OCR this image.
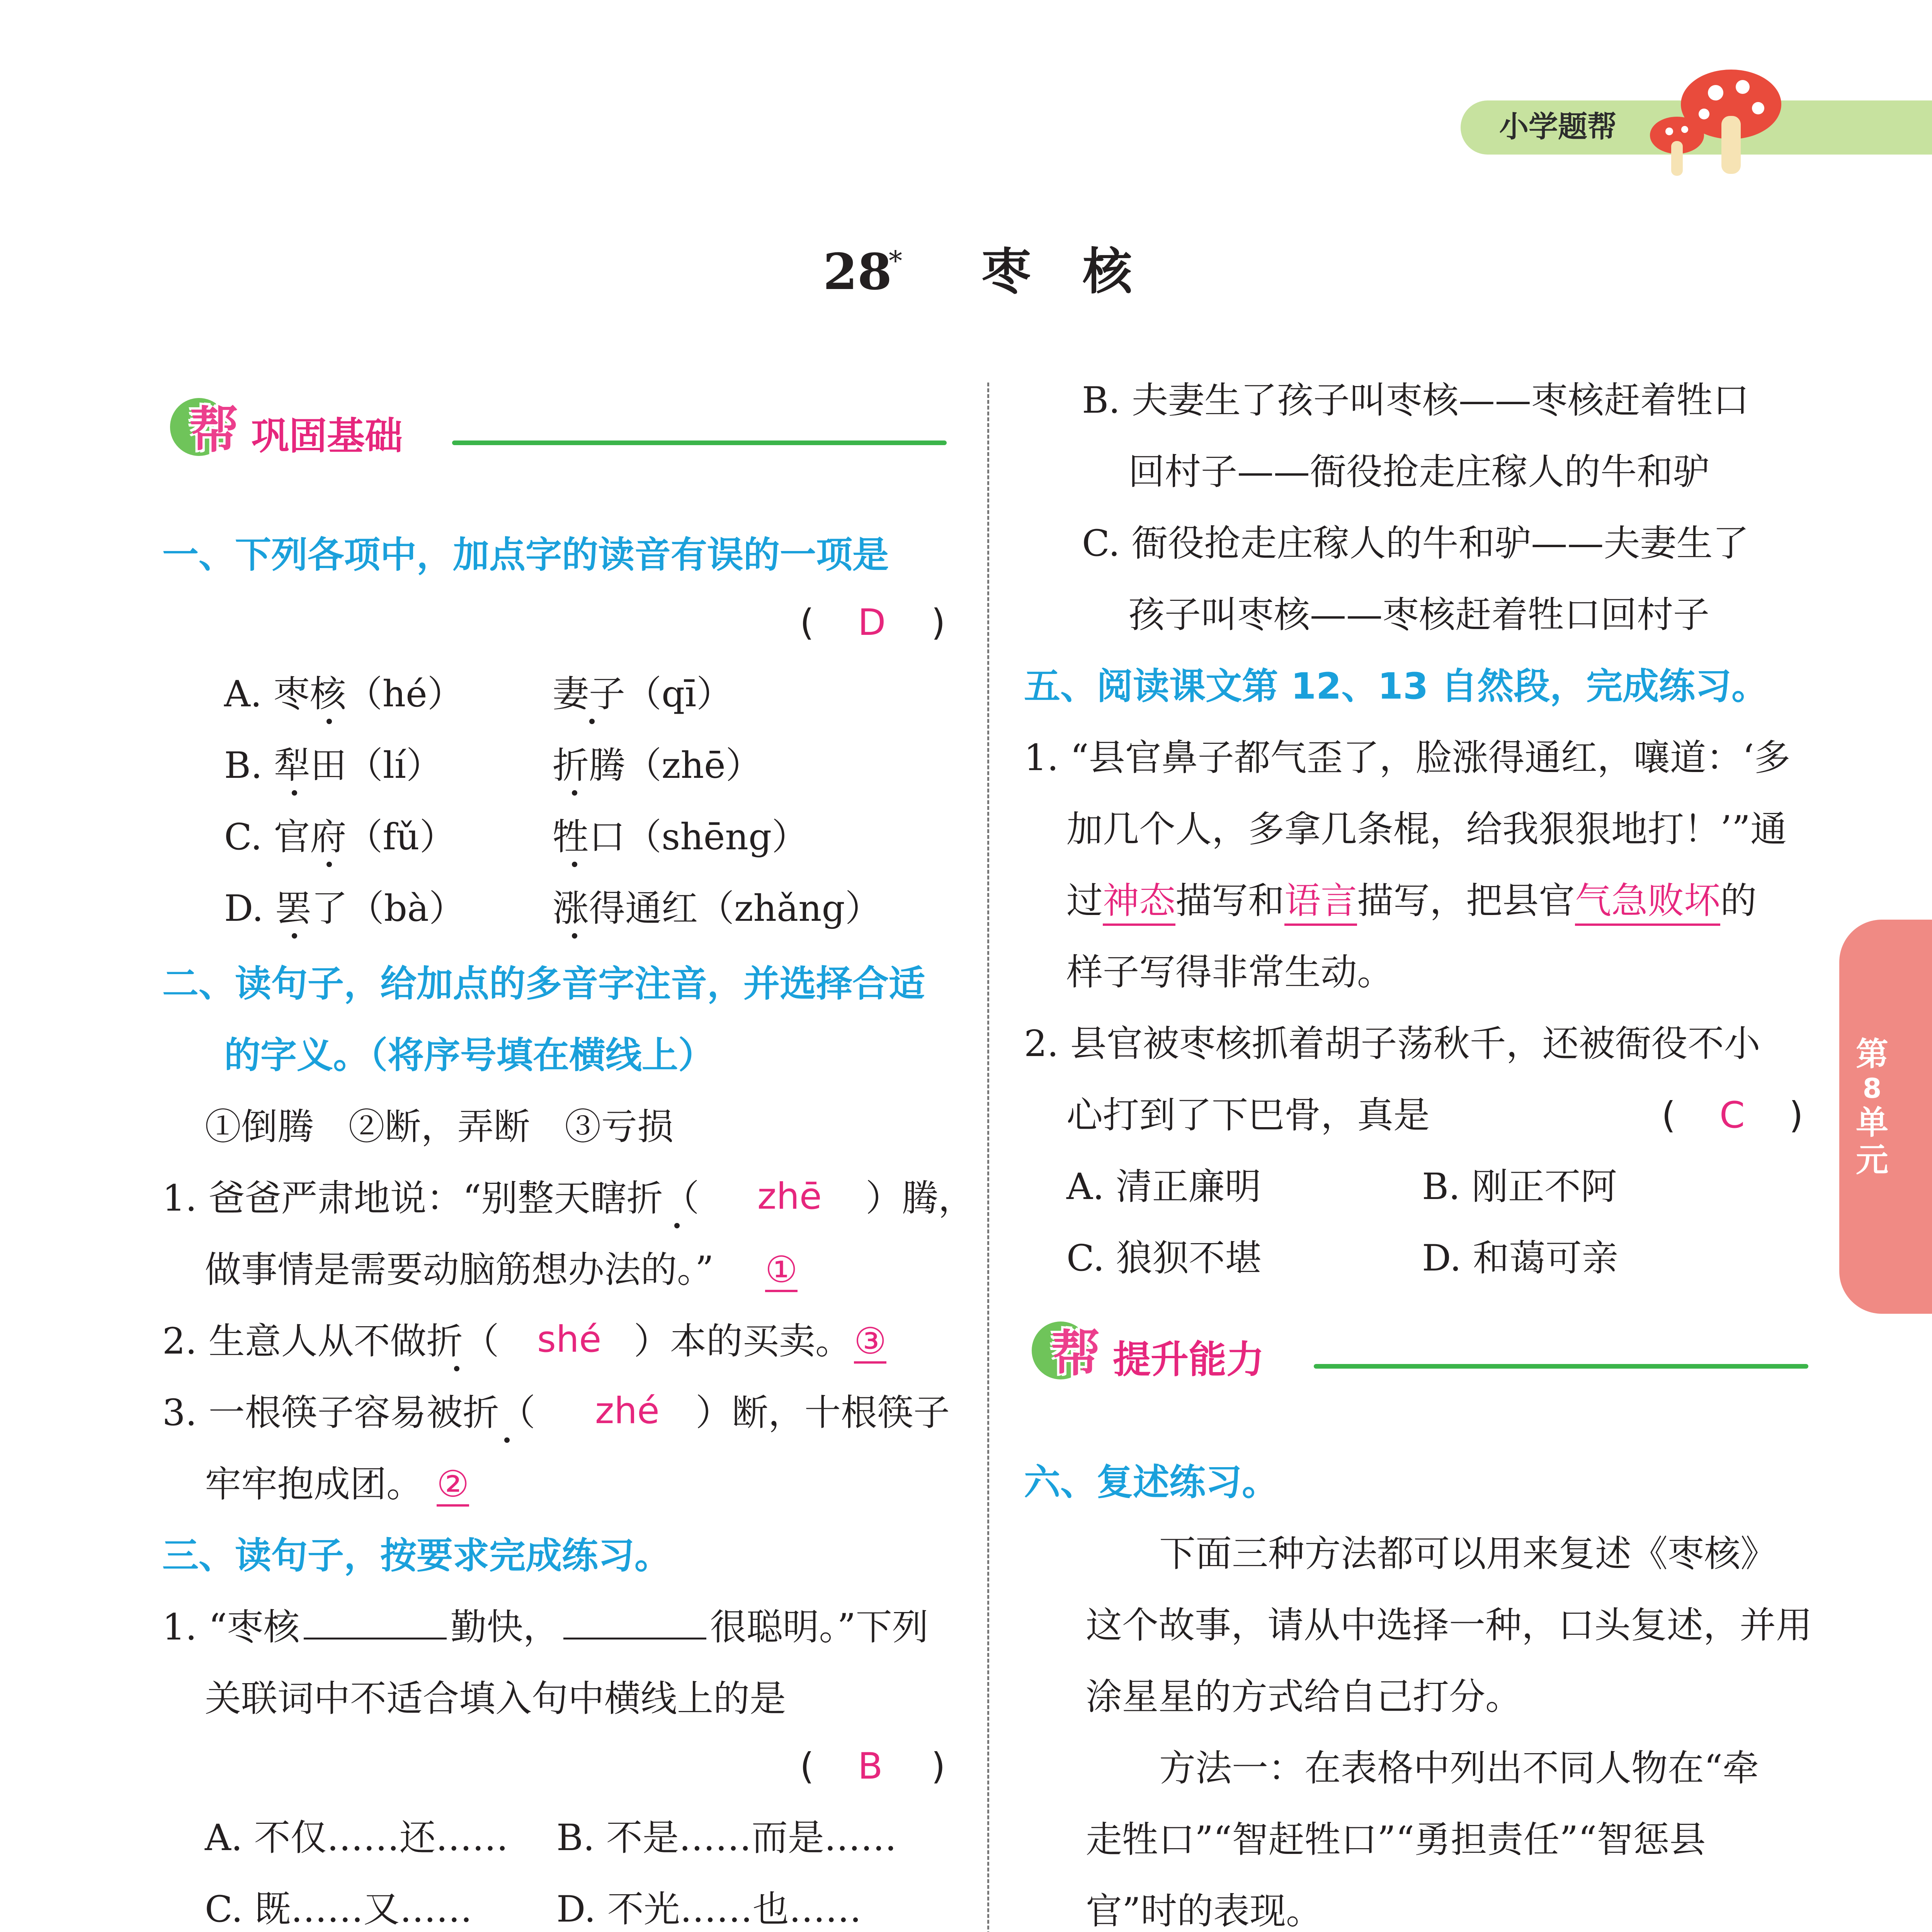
小学题帮
28
* 枣   核
帮 巩固基础
一、下列各项中，加点字的读音有误的一项是
( D )
A. 枣核（hé） 妻子（qī）
B. 犁田（lí）	折腾（zhē）
C. 官府（fǔ）	牲口（shēng）
D. 罢了（bà） 涨得通红（zhǎng）
二、读句子，给加点的多音字注音，并选择合适
的字义。（将序号填在横线上）
①倒腾   ②断，弄断   ③亏损
1. 爸爸严肃地说：“别整天瞎折（ zhē ）腾，
做事情是需要动脑筋想办法的。” ①
2. 生意人从不做折（ shé ）本的买卖。 ③
3. 一根筷子容易被折（ zhé ）断，十根筷子
牢牢抱成团。 ②
三、读句子，按要求完成练习。
1. “枣核	勤快，	很聪明。”下列
关联词中不适合填入句中横线上的是
( B )
A. 不仅……还…… B. 不是……而是……
C. 既……又…… D. 不光……也……
B. 夫妻生了孩子叫枣核——枣核赶着牲口
回村子——衙役抢走庄稼人的牛和驴
C. 衙役抢走庄稼人的牛和驴——夫妻生了
孩子叫枣核——枣核赶着牲口回村子
五、阅读课文第 12、13 自然段，完成练习。
1. “县官鼻子都气歪了，脸涨得通红，嚷道：‘多
加几个人，多拿几条棍，给我狠狠地打！’”通
过神态描写和语言描写，把县官气急败坏的
样子写得非常生动。
2. 县官被枣核抓着胡子荡秋千，还被衙役不小
心打到了下巴骨，真是	( C )
A. 清正廉明	B. 刚正不阿
C. 狼狈不堪	D. 和蔼可亲
帮 提升能力
六、复述练习。
下面三种方法都可以用来复述《枣核》
这个故事，请从中选择一种，口头复述，并用
涂星星的方式给自己打分。
方法一：在表格中列出不同人物在“牵
走牲口”“智赶牲口”“勇担责任”“智惩县
官”时的表现。
第
8
单
元
